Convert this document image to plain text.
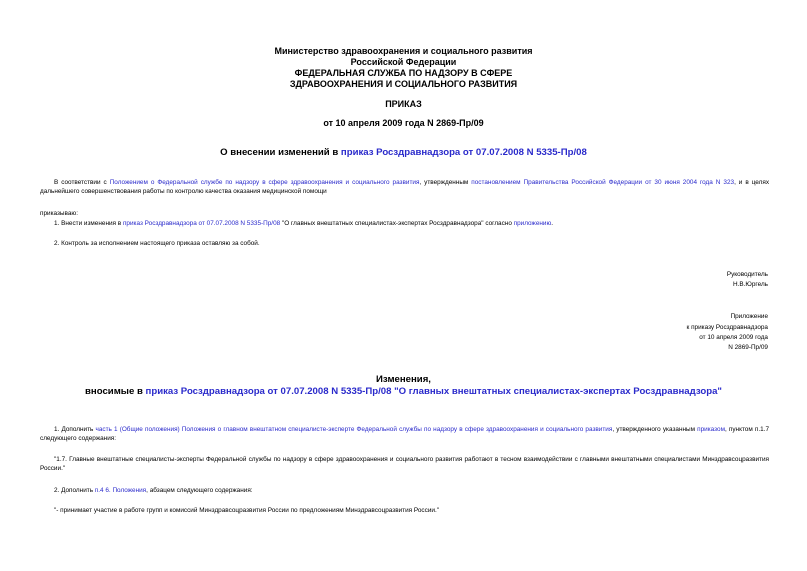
Министерство здравоохранения и социального развития

Российской Федерации

ФЕДЕРАЛЬНАЯ СЛУЖБА ПО НАДЗОРУ В СФЕРЕ

ЗДРАВООХРАНЕНИЯ И СОЦИАЛЬНОГО РАЗВИТИЯ

ПРИКАЗ

от 10 апреля 2009 года N 2869-Пр/09

О внесении изменений в приказ Росздравнадзора от 07.07.2008 N 5335-Пр/08

В соответствии с Положением о Федеральной службе по надзору в сфере здравоохранения и социального развития, утвержденным постановлением Правительства Российской Федерации от 30 июня 2004 года N 323, и в целях дальнейшего совершенствования работы по контролю качества оказания медицинской помощи

приказываю:

1. Внести изменения в приказ Росздравнадзора от 07.07.2008 N 5335-Пр/08 "О главных внештатных специалистах-экспертах Росздравнадзора" согласно приложению.

2. Контроль за исполнением настоящего приказа оставляю за собой.

Руководитель

Н.В.Юргель

Приложение

к приказу Росздравнадзора

от 10 апреля 2009 года

N 2869-Пр/09

Изменения,

вносимые в приказ Росздравнадзора от 07.07.2008 N 5335-Пр/08 "О главных внештатных специалистах-экспертах Росздравнадзора"

1. Дополнить часть 1 (Общие положения) Положения о главном внештатном специалисте-эксперте Федеральной службы по надзору в сфере здравоохранения и социального развития, утвержденного указанным приказом, пунктом п.1.7 следующего содержания:

"1.7. Главные внештатные специалисты-эксперты Федеральной службы по надзору в сфере здравоохранения и социального развития работают в тесном взаимодействии с главными внештатными специалистами Минздравсоцразвития России."

2. Дополнить п.4 6. Положения, абзацем следующего содержания:

"- принимает участие в работе групп и комиссий Минздравсоцразвития России по предложениям Минздравсоцразвития России."
